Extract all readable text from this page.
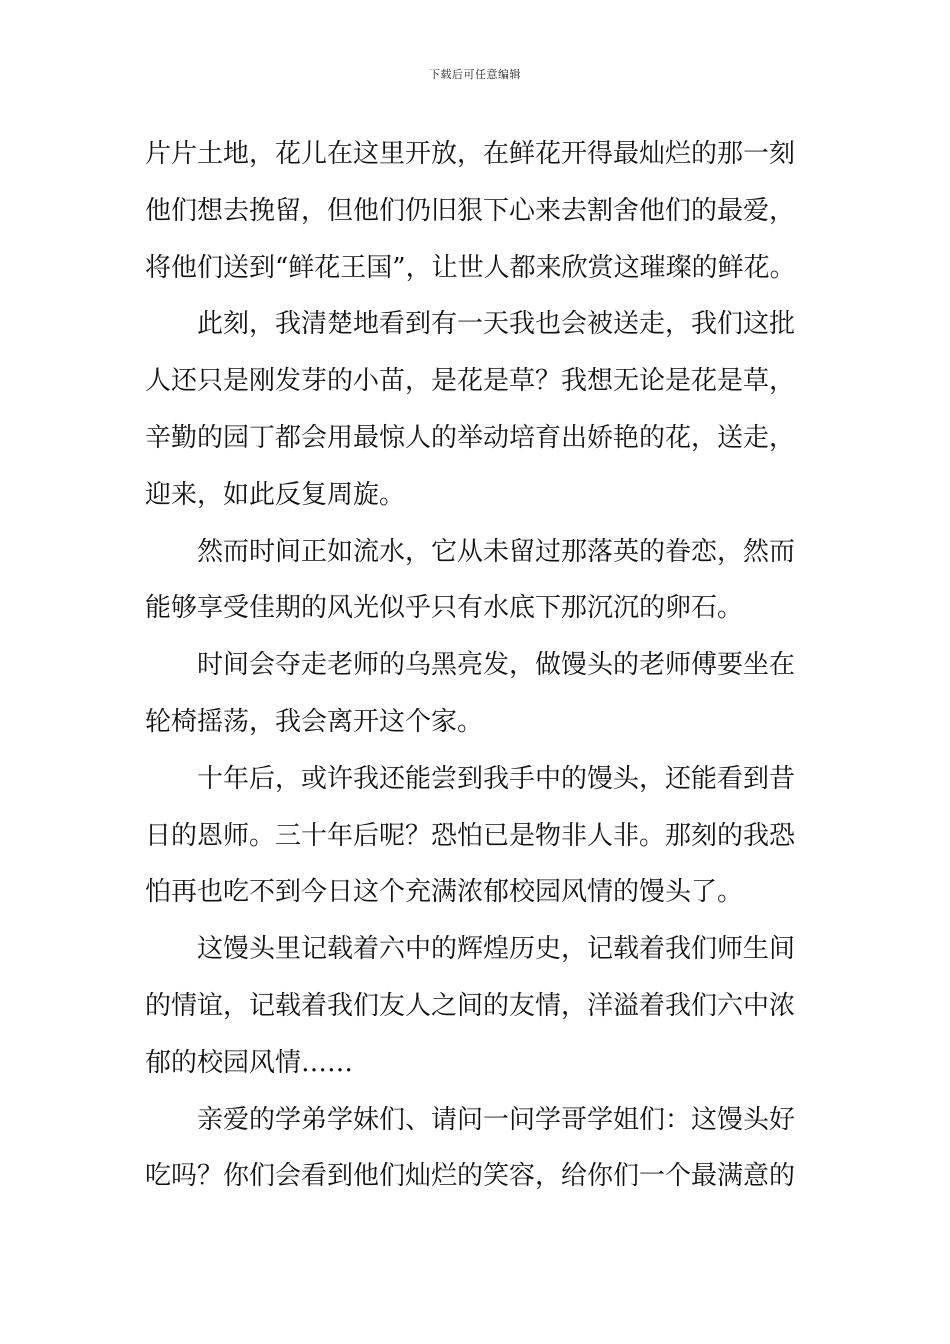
下载后可任意编辑
片片土地，花儿在这里开放，在鲜花开得最灿烂的那一刻
他们想去挽留，但他们仍旧狠下心来去割舍他们的最爱，
将他们送到“鲜花王国”，让世人都来欣赏这璀璨的鲜花。
此刻，我清楚地看到有一天我也会被送走，我们这批
人还只是刚发芽的小苗，是花是草？我想无论是花是草，
辛勤的园丁都会用最惊人的举动培育出娇艳的花，送走，
迎来，如此反复周旋。
然而时间正如流水，它从未留过那落英的眷恋，然而
能够享受佳期的风光似乎只有水底下那沉沉的卵石。
时间会夺走老师的乌黑亮发，做馒头的老师傅要坐在
轮椅摇荡，我会离开这个家。
十年后，或许我还能尝到我手中的馒头，还能看到昔
日的恩师。三十年后呢？恐怕已是物非人非。那刻的我恐
怕再也吃不到今日这个充满浓郁校园风情的馒头了。
这馒头里记载着六中的辉煌历史，记载着我们师生间
的情谊，记载着我们友人之间的友情，洋溢着我们六中浓
郁的校园风情……
亲爱的学弟学妹们、请问一问学哥学姐们：这馒头好
吃吗？你们会看到他们灿烂的笑容，给你们一个最满意的
